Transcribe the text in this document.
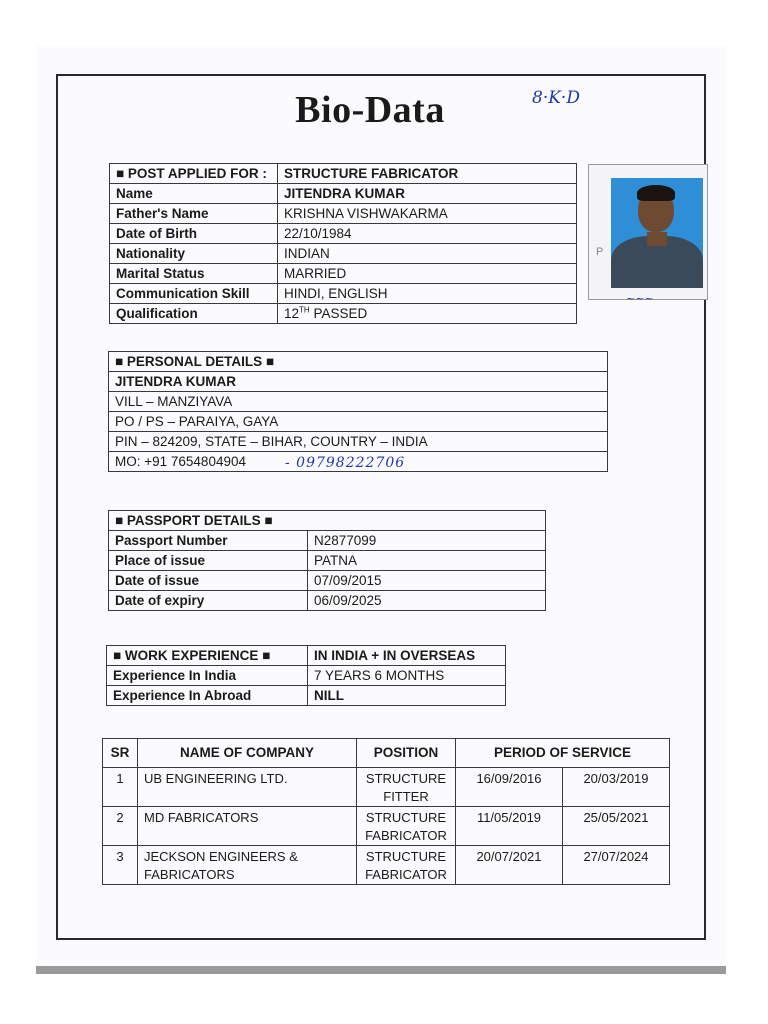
Bio-Data	8·K·D
■ POST APPLIED FOR :	STRUCTURE FABRICATOR
Name	JITENDRA KUMAR
Father's Name	KRISHNA VISHWAKARMA
Date of Birth	22/10/1984
Nationality	INDIAN
Marital Status	MARRIED
Communication Skill	HINDI, ENGLISH
Qualification	12TH PASSED
P
~~~
■ PERSONAL DETAILS ■
JITENDRA KUMAR
VILL – MANZIYAVA
PO / PS – PARAIYA, GAYA
PIN – 824209, STATE – BIHAR, COUNTRY – INDIA
MO: +91 7654804904	- 09798222706
■ PASSPORT DETAILS ■	
Passport Number	N2877099
Place of issue	PATNA
Date of issue	07/09/2015
Date of expiry	06/09/2025
■ WORK EXPERIENCE ■	IN INDIA + IN OVERSEAS
Experience In India	7 YEARS 6 MONTHS
Experience In Abroad	NILL
SR	NAME OF COMPANY	POSITION	PERIOD OF SERVICE	
1	UB ENGINEERING LTD.	STRUCTURE FITTER	16/09/2016	20/03/2019
2	MD FABRICATORS	STRUCTURE FABRICATOR	11/05/2019	25/05/2021
3	JECKSON ENGINEERS & FABRICATORS	STRUCTURE FABRICATOR	20/07/2021	27/07/2024
